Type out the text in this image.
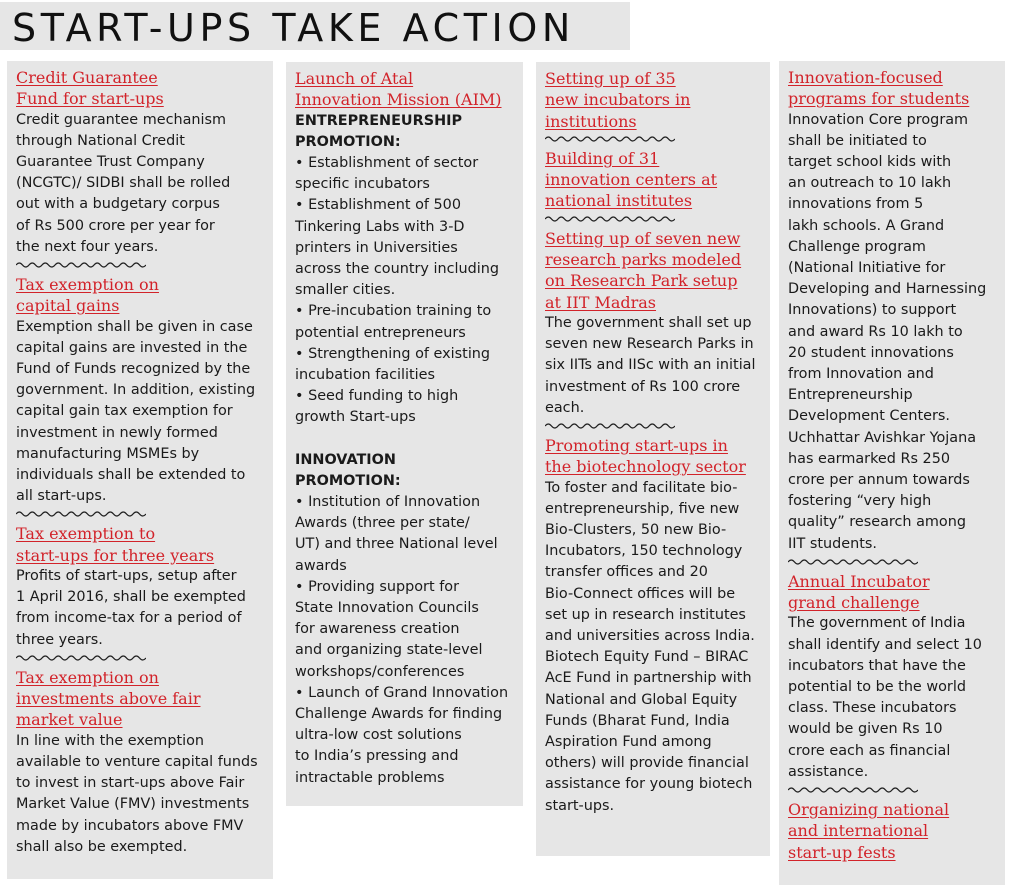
START-UPS TAKE ACTION
Credit Guarantee
Fund for start-ups
Credit guarantee mechanism
through National Credit
Guarantee Trust Company
(NCGTC)/ SIDBI shall be rolled
out with a budgetary corpus
of Rs 500 crore per year for
the next four years.
Tax exemption on
capital gains
Exemption shall be given in case
capital gains are invested in the
Fund of Funds recognized by the
government. In addition, existing
capital gain tax exemption for
investment in newly formed
manufacturing MSMEs by
individuals shall be extended to
all start-ups.
Tax exemption to
start-ups for three years
Profits of start-ups, setup after
1 April 2016, shall be exempted
from income-tax for a period of
three years.
Tax exemption on
investments above fair
market value
In line with the exemption
available to venture capital funds
to invest in start-ups above Fair
Market Value (FMV) investments
made by incubators above FMV
shall also be exempted.
Launch of Atal
Innovation Mission (AIM)
ENTREPRENEURSHIP
PROMOTION:
• Establishment of sector
specific incubators
• Establishment of 500
Tinkering Labs with 3-D
printers in Universities
across the country including
smaller cities.
• Pre-incubation training to
potential entrepreneurs
• Strengthening of existing
incubation facilities
• Seed funding to high
growth Start-ups
INNOVATION
PROMOTION:
• Institution of Innovation
Awards (three per state/
UT) and three National level
awards
• Providing support for
State Innovation Councils
for awareness creation
and organizing state-level
workshops/conferences
• Launch of Grand Innovation
Challenge Awards for finding
ultra-low cost solutions
to India’s pressing and
intractable problems
Setting up of 35
new incubators in
institutions
Building of 31
innovation centers at
national institutes
Setting up of seven new
research parks modeled
on Research Park setup
at IIT Madras
The government shall set up
seven new Research Parks in
six IITs and IISc with an initial
investment of Rs 100 crore
each.
Promoting start-ups in
the biotechnology sector
To foster and facilitate bio-
entrepreneurship, five new
Bio-Clusters, 50 new Bio-
Incubators, 150 technology
transfer offices and 20
Bio-Connect offices will be
set up in research institutes
and universities across India.
Biotech Equity Fund – BIRAC
AcE Fund in partnership with
National and Global Equity
Funds (Bharat Fund, India
Aspiration Fund among
others) will provide financial
assistance for young biotech
start-ups.
Innovation-focused
programs for students
Innovation Core program
shall be initiated to
target school kids with
an outreach to 10 lakh
innovations from 5
lakh schools. A Grand
Challenge program
(National Initiative for
Developing and Harnessing
Innovations) to support
and award Rs 10 lakh to
20 student innovations
from Innovation and
Entrepreneurship
Development Centers.
Uchhattar Avishkar Yojana
has earmarked Rs 250
crore per annum towards
fostering “very high
quality” research among
IIT students.
Annual Incubator
grand challenge
The government of India
shall identify and select 10
incubators that have the
potential to be the world
class. These incubators
would be given Rs 10
crore each as financial
assistance.
Organizing national
and international
start-up fests
